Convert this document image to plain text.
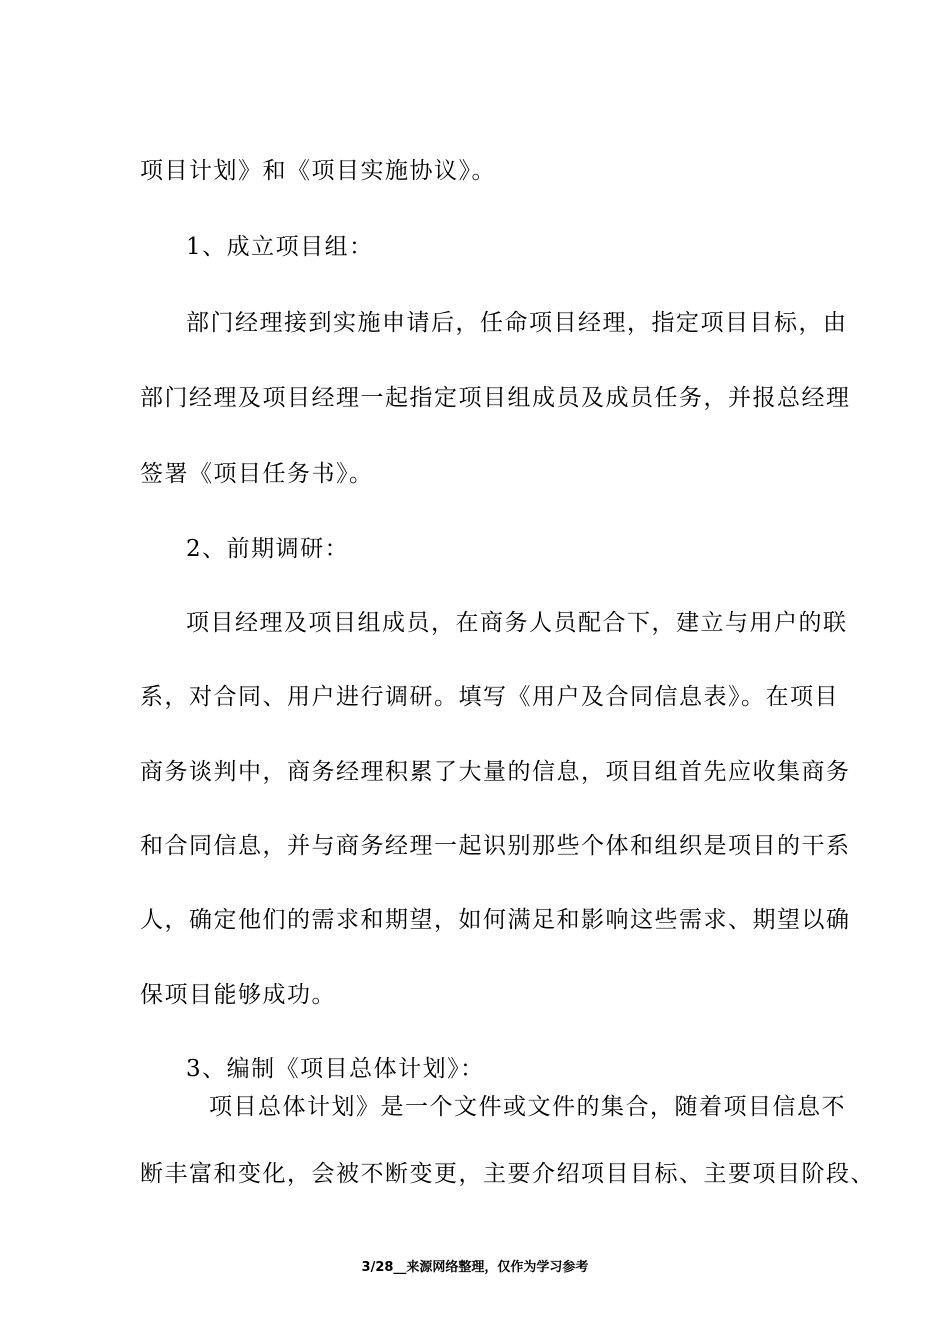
项目计划》和《项目实施协议》。
1、成立项目组：
部门经理接到实施申请后，任命项目经理，指定项目目标，由
部门经理及项目经理一起指定项目组成员及成员任务，并报总经理
签署《项目任务书》。
2、前期调研：
项目经理及项目组成员，在商务人员配合下，建立与用户的联
系，对合同、用户进行调研。填写《用户及合同信息表》。在项目
商务谈判中，商务经理积累了大量的信息，项目组首先应收集商务
和合同信息，并与商务经理一起识别那些个体和组织是项目的干系
人，确定他们的需求和期望，如何满足和影响这些需求、期望以确
保项目能够成功。
3、编制《项目总体计划》：
项目总体计划》是一个文件或文件的集合，随着项目信息不
断丰富和变化，会被不断变更，主要介绍项目目标、主要项目阶段、
3/28__来源网络整理，仅作为学习参考
